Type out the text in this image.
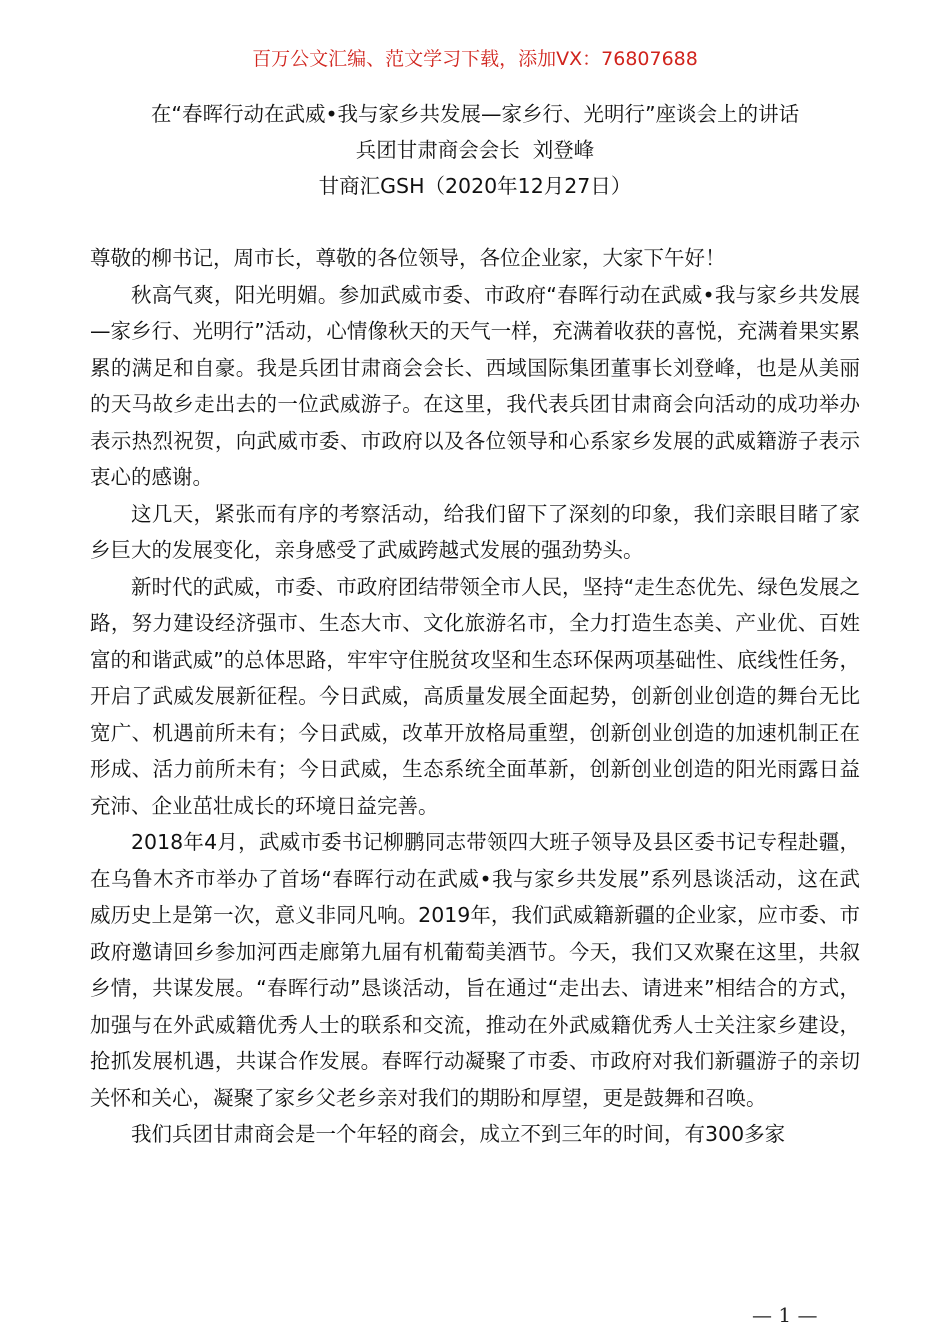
百万公文汇编、范文学习下载，添加VX：76807688
在“春晖行动在武威•我与家乡共发展—家乡行、光明行”座谈会上的讲话
兵团甘肃商会会长  刘登峰
甘商汇GSH（2020年12月27日）

尊敬的柳书记，周市长，尊敬的各位领导，各位企业家，大家下午好！

秋高气爽，阳光明媚。参加武威市委、市政府“春晖行动在武威•我与家乡共发展—家乡行、光明行”活动，心情像秋天的天气一样，充满着收获的喜悦，充满着果实累累的满足和自豪。我是兵团甘肃商会会长、西域国际集团董事长刘登峰，也是从美丽的天马故乡走出去的一位武威游子。在这里，我代表兵团甘肃商会向活动的成功举办表示热烈祝贺，向武威市委、市政府以及各位领导和心系家乡发展的武威籍游子表示衷心的感谢。

这几天，紧张而有序的考察活动，给我们留下了深刻的印象，我们亲眼目睹了家乡巨大的发展变化，亲身感受了武威跨越式发展的强劲势头。

新时代的武威，市委、市政府团结带领全市人民，坚持“走生态优先、绿色发展之路，努力建设经济强市、生态大市、文化旅游名市，全力打造生态美、产业优、百姓富的和谐武威”的总体思路，牢牢守住脱贫攻坚和生态环保两项基础性、底线性任务，开启了武威发展新征程。今日武威，高质量发展全面起势，创新创业创造的舞台无比宽广、机遇前所未有；今日武威，改革开放格局重塑，创新创业创造的加速机制正在形成、活力前所未有；今日武威，生态系统全面革新，创新创业创造的阳光雨露日益充沛、企业茁壮成长的环境日益完善。

2018年4月，武威市委书记柳鹏同志带领四大班子领导及县区委书记专程赴疆，在乌鲁木齐市举办了首场“春晖行动在武威•我与家乡共发展”系列恳谈活动，这在武威历史上是第一次，意义非同凡响。2019年，我们武威籍新疆的企业家，应市委、市政府邀请回乡参加河西走廊第九届有机葡萄美酒节。今天，我们又欢聚在这里，共叙乡情，共谋发展。“春晖行动”恳谈活动，旨在通过“走出去、请进来”相结合的方式，加强与在外武威籍优秀人士的联系和交流，推动在外武威籍优秀人士关注家乡建设，抢抓发展机遇，共谋合作发展。春晖行动凝聚了市委、市政府对我们新疆游子的亲切关怀和关心，凝聚了家乡父老乡亲对我们的期盼和厚望，更是鼓舞和召唤。

我们兵团甘肃商会是一个年轻的商会，成立不到三年的时间，有300多家

— 1 —
